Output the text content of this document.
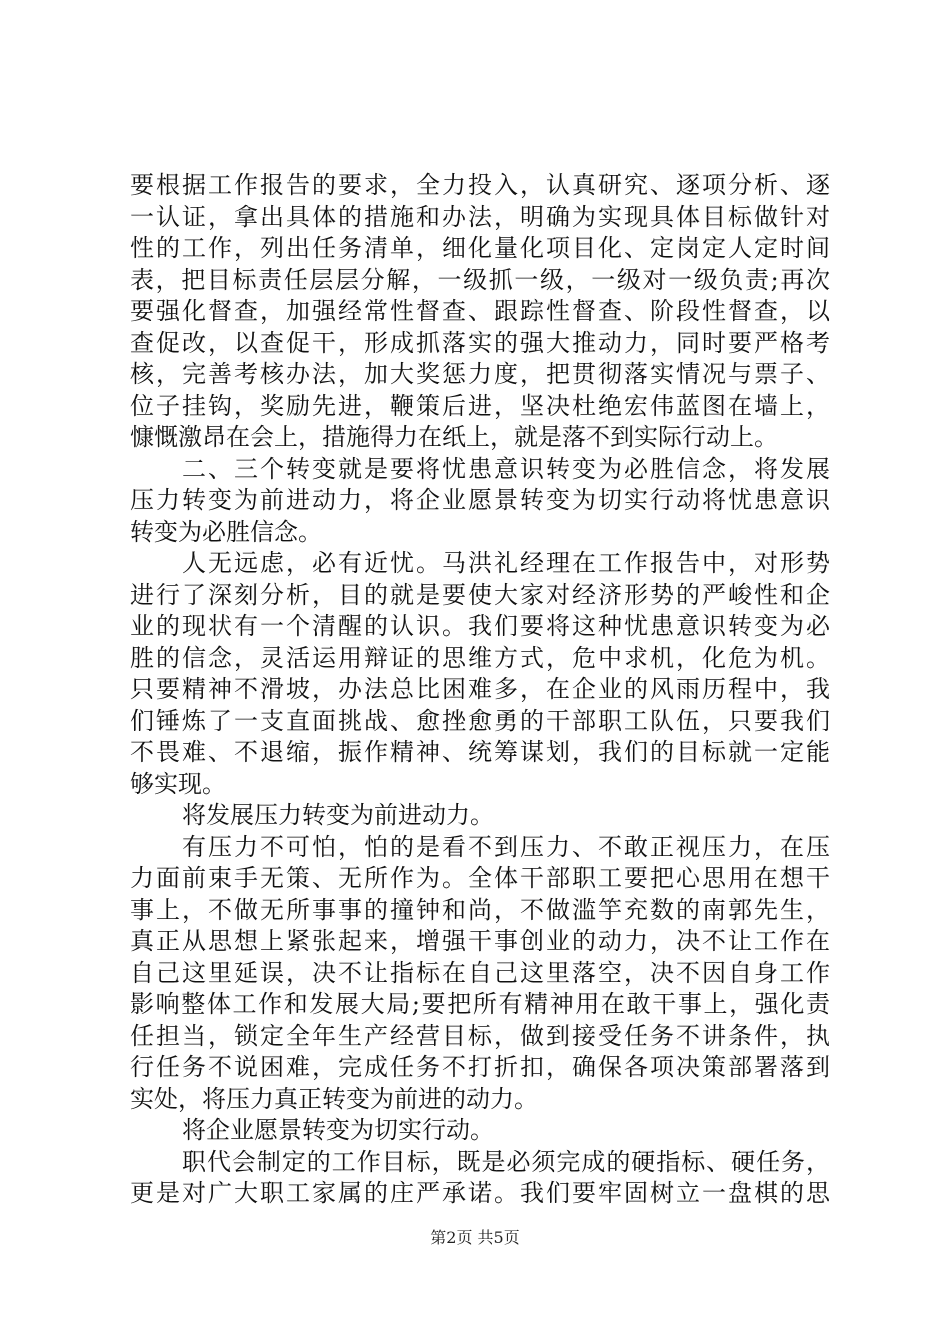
要根据工作报告的要求，全力投入，认真研究、逐项分析、逐
一认证，拿出具体的措施和办法，明确为实现具体目标做针对
性的工作，列出任务清单，细化量化项目化、定岗定人定时间
表，把目标责任层层分解，一级抓一级，一级对一级负责;再次
要强化督查，加强经常性督查、跟踪性督查、阶段性督查，以
查促改，以查促干，形成抓落实的强大推动力，同时要严格考
核，完善考核办法，加大奖惩力度，把贯彻落实情况与票子、
位子挂钩，奖励先进，鞭策后进，坚决杜绝宏伟蓝图在墙上，
慷慨激昂在会上，措施得力在纸上，就是落不到实际行动上。
二、三个转变就是要将忧患意识转变为必胜信念，将发展
压力转变为前进动力，将企业愿景转变为切实行动将忧患意识
转变为必胜信念。
人无远虑，必有近忧。马洪礼经理在工作报告中，对形势
进行了深刻分析，目的就是要使大家对经济形势的严峻性和企
业的现状有一个清醒的认识。我们要将这种忧患意识转变为必
胜的信念，灵活运用辩证的思维方式，危中求机，化危为机。
只要精神不滑坡，办法总比困难多，在企业的风雨历程中，我
们锤炼了一支直面挑战、愈挫愈勇的干部职工队伍，只要我们
不畏难、不退缩，振作精神、统筹谋划，我们的目标就一定能
够实现。
将发展压力转变为前进动力。
有压力不可怕，怕的是看不到压力、不敢正视压力，在压
力面前束手无策、无所作为。全体干部职工要把心思用在想干
事上，不做无所事事的撞钟和尚，不做滥竽充数的南郭先生，
真正从思想上紧张起来，增强干事创业的动力，决不让工作在
自己这里延误，决不让指标在自己这里落空，决不因自身工作
影响整体工作和发展大局;要把所有精神用在敢干事上，强化责
任担当，锁定全年生产经营目标，做到接受任务不讲条件，执
行任务不说困难，完成任务不打折扣，确保各项决策部署落到
实处，将压力真正转变为前进的动力。
将企业愿景转变为切实行动。
职代会制定的工作目标，既是必须完成的硬指标、硬任务，
更是对广大职工家属的庄严承诺。我们要牢固树立一盘棋的思
第2页 共5页
